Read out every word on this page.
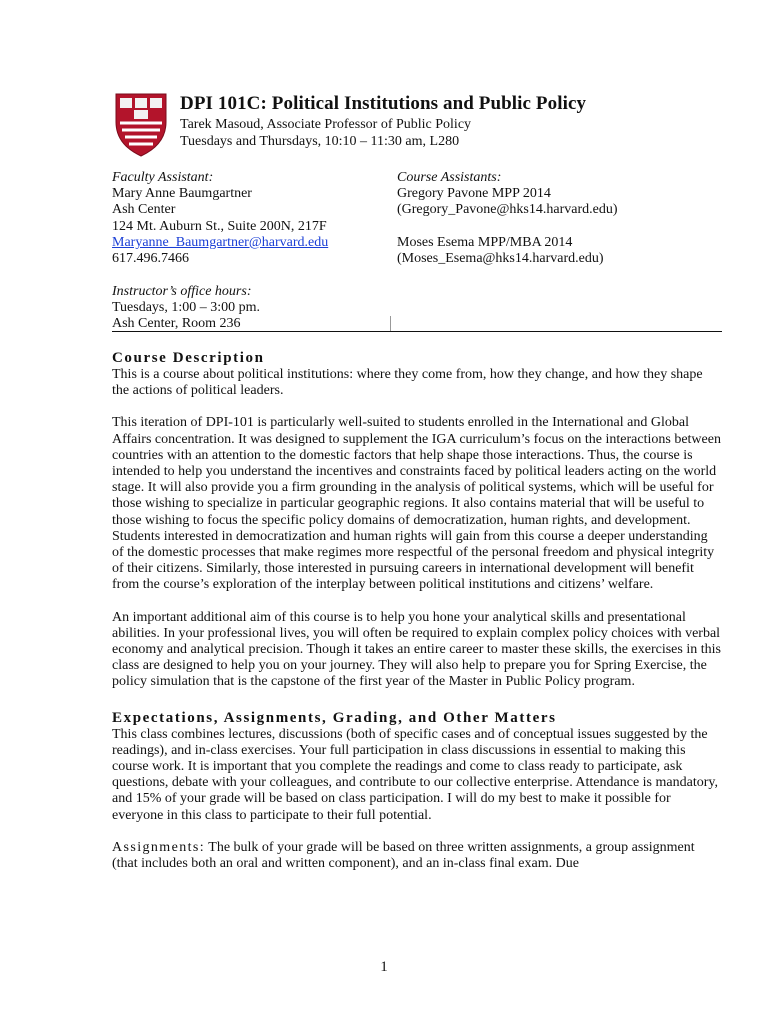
DPI 101C: Political Institutions and Public Policy

Tarek Masoud, Associate Professor of Public Policy

Tuesdays and Thursdays, 10:10 – 11:30 am, L280

Faculty Assistant:
Mary Anne Baumgartner
Ash Center
124 Mt. Auburn St., Suite 200N, 217F
Maryanne_Baumgartner@harvard.edu
617.496.7466
Course Assistants:
Gregory Pavone MPP 2014
(Gregory_Pavone@hks14.harvard.edu)
Moses Esema MPP/MBA 2014
(Moses_Esema@hks14.harvard.edu)
Instructor’s office hours:
Tuesdays, 1:00 – 3:00 pm.
Ash Center, Room 236
Course Description

This is a course about political institutions: where they come from, how they change, and how they shape the actions of political leaders.

This iteration of DPI-101 is particularly well-suited to students enrolled in the International and Global Affairs concentration. It was designed to supplement the IGA curriculum’s focus on the interactions between countries with an attention to the domestic factors that help shape those interactions. Thus, the course is intended to help you understand the incentives and constraints faced by political leaders acting on the world stage. It will also provide you a firm grounding in the analysis of political systems, which will be useful for those wishing to specialize in particular geographic regions. It also contains material that will be useful to those wishing to focus the specific policy domains of democratization, human rights, and development. Students interested in democratization and human rights will gain from this course a deeper understanding of the domestic processes that make regimes more respectful of the personal freedom and physical integrity of their citizens. Similarly, those interested in pursuing careers in international development will benefit from the course’s exploration of the interplay between political institutions and citizens’ welfare.

An important additional aim of this course is to help you hone your analytical skills and presentational abilities. In your professional lives, you will often be required to explain complex policy choices with verbal economy and analytical precision. Though it takes an entire career to master these skills, the exercises in this class are designed to help you on your journey. They will also help to prepare you for Spring Exercise, the policy simulation that is the capstone of the first year of the Master in Public Policy program.

Expectations, Assignments, Grading, and Other Matters

This class combines lectures, discussions (both of specific cases and of conceptual issues suggested by the readings), and in-class exercises. Your full participation in class discussions in essential to making this course work. It is important that you complete the readings and come to class ready to participate, ask questions, debate with your colleagues, and contribute to our collective enterprise. Attendance is mandatory, and 15% of your grade will be based on class participation. I will do my best to make it possible for everyone in this class to participate to their full potential.

Assignments: The bulk of your grade will be based on three written assignments, a group assignment (that includes both an oral and written component), and an in-class final exam. Due

1
